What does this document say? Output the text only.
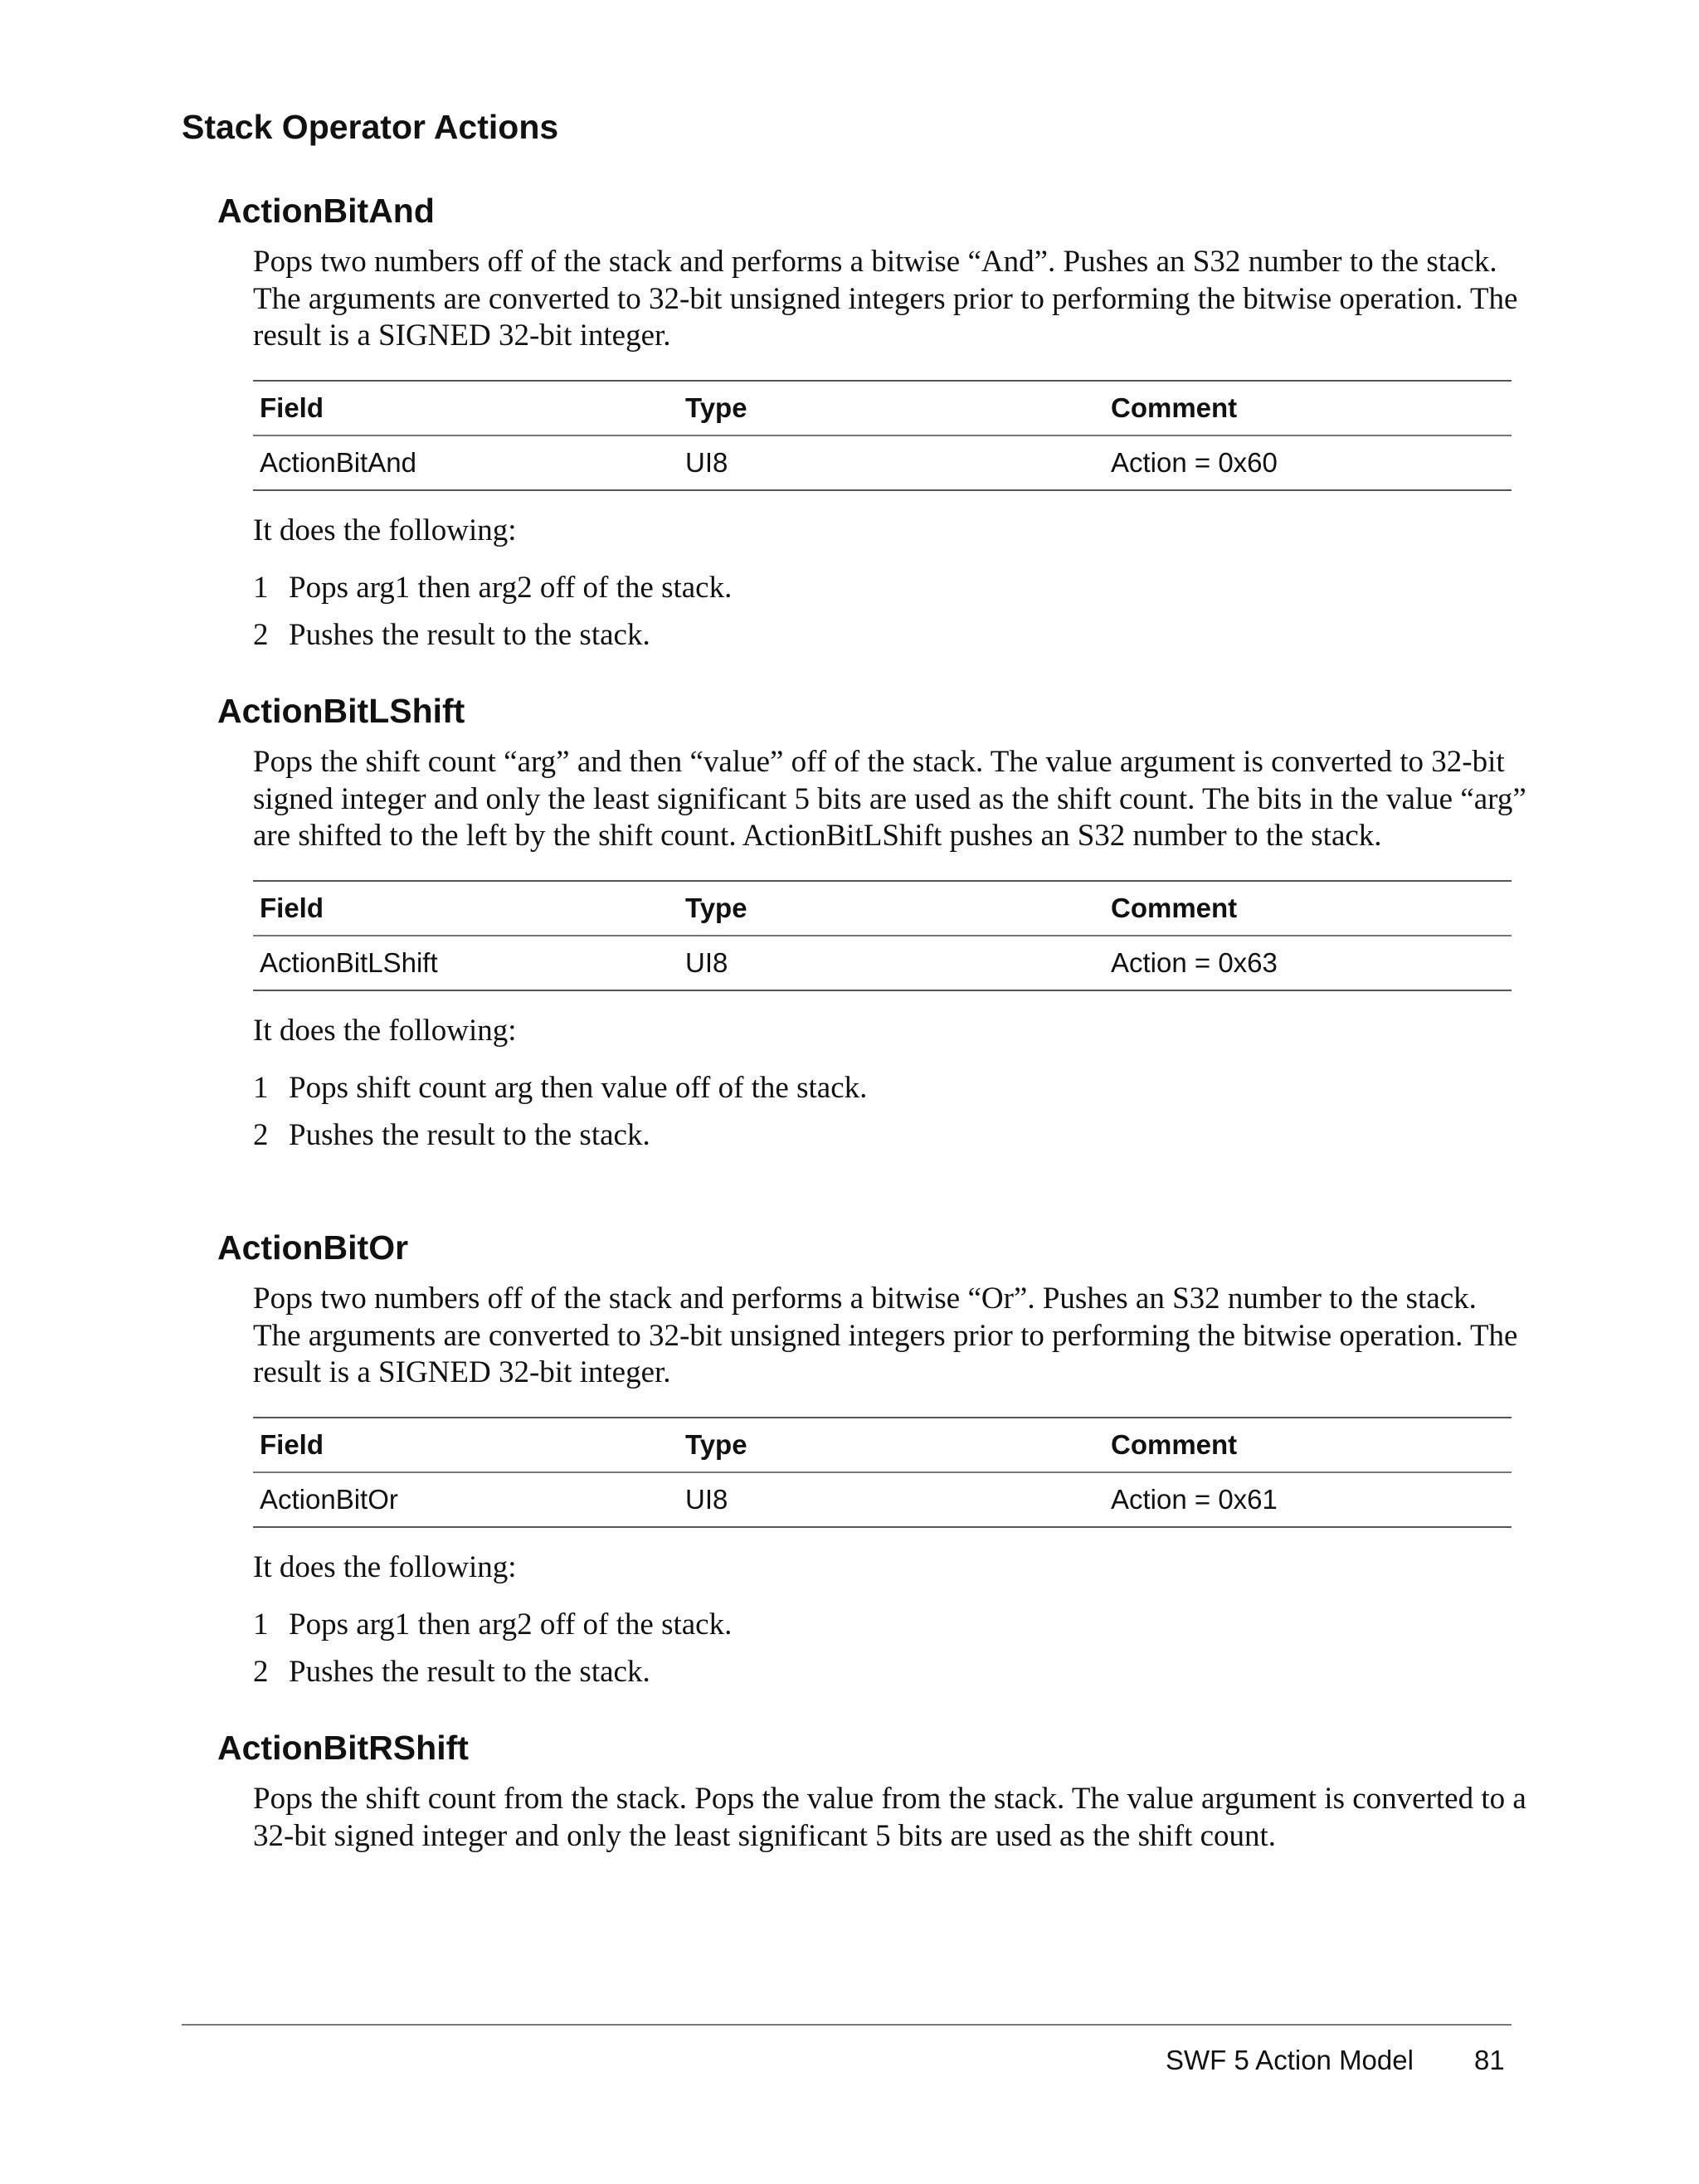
Stack Operator Actions
ActionBitAnd

Pops two numbers off of the stack and performs a bitwise “And”. Pushes an S32 number to the stack. The arguments are converted to 32-bit unsigned integers prior to performing the bitwise operation. The result is a SIGNED 32-bit integer.

Field	Type	Comment
ActionBitAnd	UI8	Action = 0x60

It does the following:

1 Pops arg1 then arg2 off of the stack.
2 Pushes the result to the stack.
ActionBitLShift

Pops the shift count “arg” and then “value” off of the stack. The value argument is converted to 32-bit signed integer and only the least significant 5 bits are used as the shift count. The bits in the value “arg” are shifted to the left by the shift count. ActionBitLShift pushes an S32 number to the stack.

Field	Type	Comment
ActionBitLShift	UI8	Action = 0x63

It does the following:

1 Pops shift count arg then value off of the stack.
2 Pushes the result to the stack.
ActionBitOr

Pops two numbers off of the stack and performs a bitwise “Or”. Pushes an S32 number to the stack. The arguments are converted to 32-bit unsigned integers prior to performing the bitwise operation. The result is a SIGNED 32-bit integer.

Field	Type	Comment
ActionBitOr	UI8	Action = 0x61

It does the following:

1 Pops arg1 then arg2 off of the stack.
2 Pushes the result to the stack.
ActionBitRShift

Pops the shift count from the stack. Pops the value from the stack. The value argument is converted to a 32-bit signed integer and only the least significant 5 bits are used as the shift count.

SWF 5 Action Model 81
